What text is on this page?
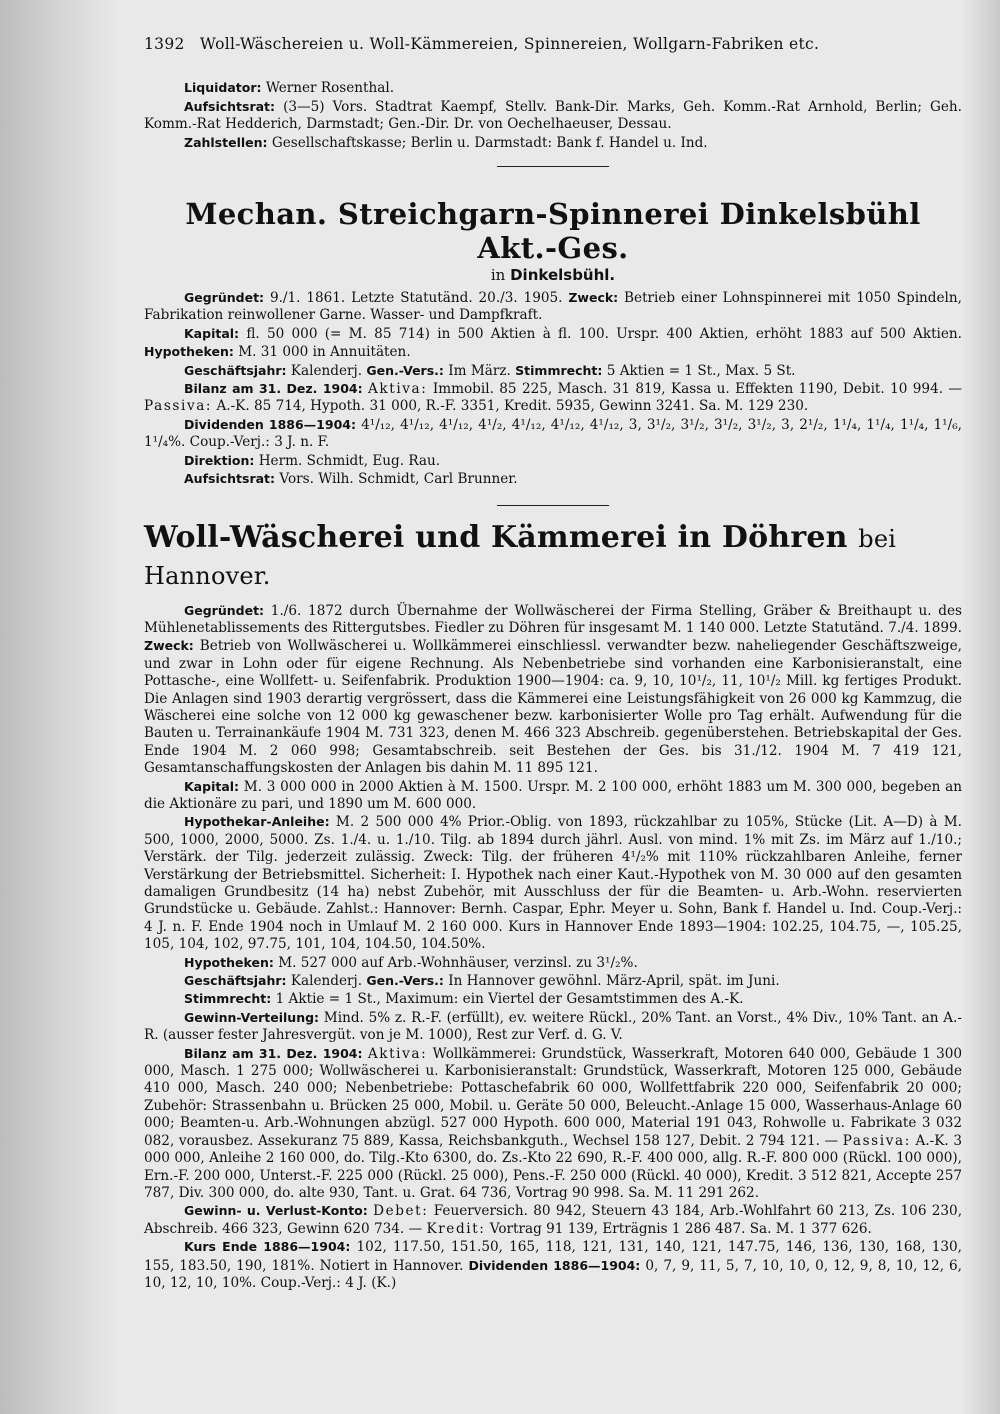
1392 Woll-Wäschereien u. Woll-Kämmereien, Spinnereien, Wollgarn-Fabriken etc.

Liquidator: Werner Rosenthal.

Aufsichtsrat: (3—5) Vors. Stadtrat Kaempf, Stellv. Bank-Dir. Marks, Geh. Komm.-Rat Arnhold, Berlin; Geh. Komm.-Rat Hedderich, Darmstadt; Gen.-Dir. Dr. von Oechelhaeuser, Dessau.

Zahlstellen: Gesellschaftskasse; Berlin u. Darmstadt: Bank f. Handel u. Ind.

Mechan. Streichgarn-Spinnerei Dinkelsbühl Akt.-Ges.
in Dinkelsbühl.

Gegründet: 9./1. 1861. Letzte Statutänd. 20./3. 1905. Zweck: Betrieb einer Lohnspinnerei mit 1050 Spindeln, Fabrikation reinwollener Garne. Wasser- und Dampfkraft.

Kapital: fl. 50 000 (= M. 85 714) in 500 Aktien à fl. 100. Urspr. 400 Aktien, erhöht 1883 auf 500 Aktien. Hypotheken: M. 31 000 in Annuitäten.

Geschäftsjahr: Kalenderj. Gen.-Vers.: Im März. Stimmrecht: 5 Aktien = 1 St., Max. 5 St.

Bilanz am 31. Dez. 1904: Aktiva: Immobil. 85 225, Masch. 31 819, Kassa u. Effekten 1190, Debit. 10 994. — Passiva: A.-K. 85 714, Hypoth. 31 000, R.-F. 3351, Kredit. 5935, Gewinn 3241. Sa. M. 129 230.

Dividenden 1886—1904: 4¹/₁₂, 4¹/₁₂, 4¹/₁₂, 4¹/₂, 4¹/₁₂, 4¹/₁₂, 4¹/₁₂, 3, 3¹/₂, 3¹/₂, 3¹/₂, 3¹/₂, 3, 2¹/₂, 1¹/₄, 1¹/₄, 1¹/₄, 1¹/₆, 1¹/₄%. Coup.-Verj.: 3 J. n. F.

Direktion: Herm. Schmidt, Eug. Rau.

Aufsichtsrat: Vors. Wilh. Schmidt, Carl Brunner.

Woll-Wäscherei und Kämmerei in Döhren bei Hannover.

Gegründet: 1./6. 1872 durch Übernahme der Wollwäscherei der Firma Stelling, Gräber & Breithaupt u. des Mühlenetablissements des Rittergutsbes. Fiedler zu Döhren für insgesamt M. 1 140 000. Letzte Statutänd. 7./4. 1899. Zweck: Betrieb von Wollwäscherei u. Wollkämmerei einschliessl. verwandter bezw. naheliegender Geschäftszweige, und zwar in Lohn oder für eigene Rechnung. Als Nebenbetriebe sind vorhanden eine Karbonisieranstalt, eine Pottasche-, eine Wollfett- u. Seifenfabrik. Produktion 1900—1904: ca. 9, 10, 10¹/₂, 11, 10¹/₂ Mill. kg fertiges Produkt. Die Anlagen sind 1903 derartig vergrössert, dass die Kämmerei eine Leistungsfähigkeit von 26 000 kg Kammzug, die Wäscherei eine solche von 12 000 kg gewaschener bezw. karbonisierter Wolle pro Tag erhält. Aufwendung für die Bauten u. Terrainankäufe 1904 M. 731 323, denen M. 466 323 Abschreib. gegenüberstehen. Betriebskapital der Ges. Ende 1904 M. 2 060 998; Gesamtabschreib. seit Bestehen der Ges. bis 31./12. 1904 M. 7 419 121, Gesamtanschaffungskosten der Anlagen bis dahin M. 11 895 121.

Kapital: M. 3 000 000 in 2000 Aktien à M. 1500. Urspr. M. 2 100 000, erhöht 1883 um M. 300 000, begeben an die Aktionäre zu pari, und 1890 um M. 600 000.

Hypothekar-Anleihe: M. 2 500 000 4% Prior.-Oblig. von 1893, rückzahlbar zu 105%, Stücke (Lit. A—D) à M. 500, 1000, 2000, 5000. Zs. 1./4. u. 1./10. Tilg. ab 1894 durch jährl. Ausl. von mind. 1% mit Zs. im März auf 1./10.; Verstärk. der Tilg. jederzeit zulässig. Zweck: Tilg. der früheren 4¹/₂% mit 110% rückzahlbaren Anleihe, ferner Verstärkung der Betriebsmittel. Sicherheit: I. Hypothek nach einer Kaut.-Hypothek von M. 30 000 auf den gesamten damaligen Grundbesitz (14 ha) nebst Zubehör, mit Ausschluss der für die Beamten- u. Arb.-Wohn. reservierten Grundstücke u. Gebäude. Zahlst.: Hannover: Bernh. Caspar, Ephr. Meyer u. Sohn, Bank f. Handel u. Ind. Coup.-Verj.: 4 J. n. F. Ende 1904 noch in Umlauf M. 2 160 000. Kurs in Hannover Ende 1893—1904: 102.25, 104.75, —, 105.25, 105, 104, 102, 97.75, 101, 104, 104.50, 104.50%.

Hypotheken: M. 527 000 auf Arb.-Wohnhäuser, verzinsl. zu 3¹/₂%.

Geschäftsjahr: Kalenderj. Gen.-Vers.: In Hannover gewöhnl. März-April, spät. im Juni.

Stimmrecht: 1 Aktie = 1 St., Maximum: ein Viertel der Gesamtstimmen des A.-K.

Gewinn-Verteilung: Mind. 5% z. R.-F. (erfüllt), ev. weitere Rückl., 20% Tant. an Vorst., 4% Div., 10% Tant. an A.-R. (ausser fester Jahresvergüt. von je M. 1000), Rest zur Verf. d. G. V.

Bilanz am 31. Dez. 1904: Aktiva: Wollkämmerei: Grundstück, Wasserkraft, Motoren 640 000, Gebäude 1 300 000, Masch. 1 275 000; Wollwäscherei u. Karbonisieranstalt: Grundstück, Wasserkraft, Motoren 125 000, Gebäude 410 000, Masch. 240 000; Nebenbetriebe: Pottaschefabrik 60 000, Wollfettfabrik 220 000, Seifenfabrik 20 000; Zubehör: Strassenbahn u. Brücken 25 000, Mobil. u. Geräte 50 000, Beleucht.-Anlage 15 000, Wasserhaus-Anlage 60 000; Beamten-u. Arb.-Wohnungen abzügl. 527 000 Hypoth. 600 000, Material 191 043, Rohwolle u. Fabrikate 3 032 082, vorausbez. Assekuranz 75 889, Kassa, Reichsbankguth., Wechsel 158 127, Debit. 2 794 121. — Passiva: A.-K. 3 000 000, Anleihe 2 160 000, do. Tilg.-Kto 6300, do. Zs.-Kto 22 690, R.-F. 400 000, allg. R.-F. 800 000 (Rückl. 100 000), Ern.-F. 200 000, Unterst.-F. 225 000 (Rückl. 25 000), Pens.-F. 250 000 (Rückl. 40 000), Kredit. 3 512 821, Accepte 257 787, Div. 300 000, do. alte 930, Tant. u. Grat. 64 736, Vortrag 90 998. Sa. M. 11 291 262.

Gewinn- u. Verlust-Konto: Debet: Feuerversich. 80 942, Steuern 43 184, Arb.-Wohlfahrt 60 213, Zs. 106 230, Abschreib. 466 323, Gewinn 620 734. — Kredit: Vortrag 91 139, Erträgnis 1 286 487. Sa. M. 1 377 626.

Kurs Ende 1886—1904: 102, 117.50, 151.50, 165, 118, 121, 131, 140, 121, 147.75, 146, 136, 130, 168, 130, 155, 183.50, 190, 181%. Notiert in Hannover. Dividenden 1886—1904: 0, 7, 9, 11, 5, 7, 10, 10, 0, 12, 9, 8, 10, 12, 6, 10, 12, 10, 10%. Coup.-Verj.: 4 J. (K.)
